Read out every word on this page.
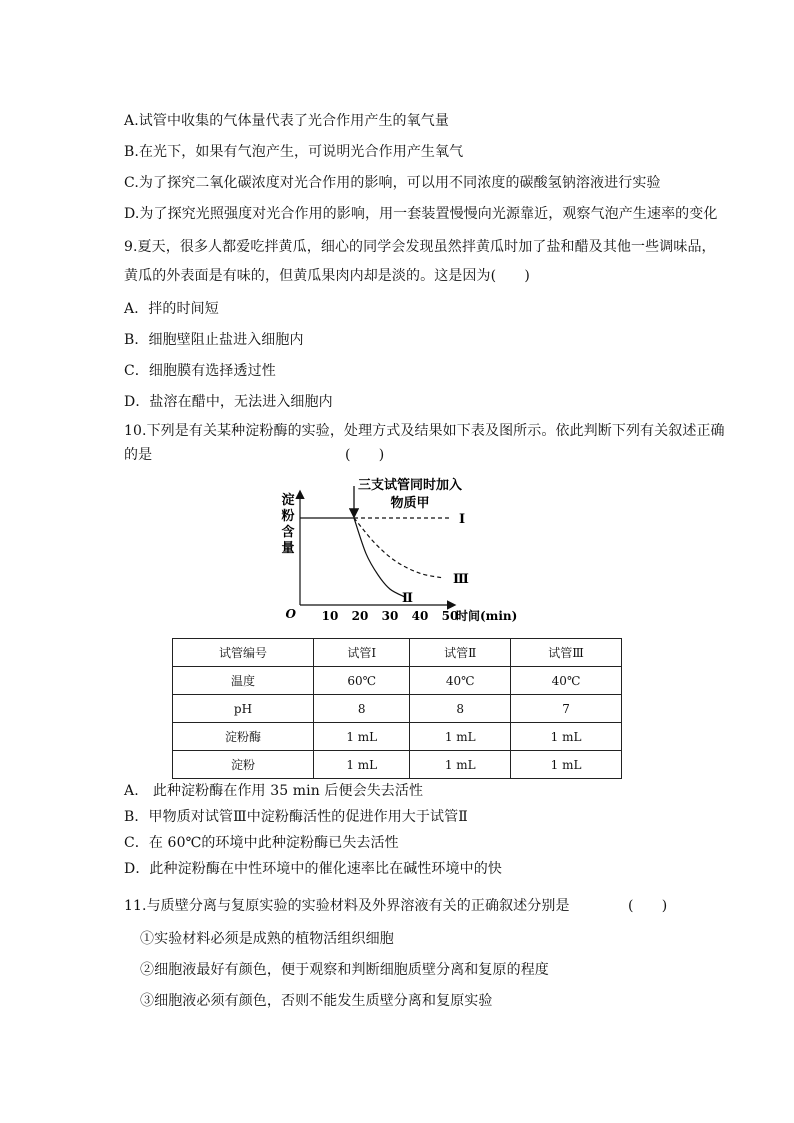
A.试管中收集的气体量代表了光合作用产生的氧气量
B.在光下，如果有气泡产生，可说明光合作用产生氧气
C.为了探究二氧化碳浓度对光合作用的影响，可以用不同浓度的碳酸氢钠溶液进行实验
D.为了探究光照强度对光合作用的影响，用一套装置慢慢向光源靠近，观察气泡产生速率的变化
9.夏天，很多人都爱吃拌黄瓜，细心的同学会发现虽然拌黄瓜时加了盐和醋及其他一些调味品，
黄瓜的外表面是有味的，但黄瓜果肉内却是淡的。这是因为(　　)
A．拌的时间短
B．细胞壁阻止盐进入细胞内
C．细胞膜有选择透过性
D．盐溶在醋中，无法进入细胞内
10.下列是有关某种淀粉酶的实验，处理方式及结果如下表及图所示。依此判断下列有关叙述正确
的是	(　　)
淀粉含量
O 10 20 30 40 50
时间(min)
三支试管同时加入
物质甲
Ⅰ
Ⅱ
Ⅲ
试管编号	试管Ⅰ	试管Ⅱ	试管Ⅲ
温度	60℃	40℃	40℃
pH	8	8	7
淀粉酶	1 mL	1 mL	1 mL
淀粉	1 mL	1 mL	1 mL
A.　此种淀粉酶在作用 35 min 后便会失去活性
B．甲物质对试管Ⅲ中淀粉酶活性的促进作用大于试管Ⅱ
C．在 60℃的环境中此种淀粉酶已失去活性
D．此种淀粉酶在中性环境中的催化速率比在碱性环境中的快
11.与质壁分离与复原实验的实验材料及外界溶液有关的正确叙述分别是	(　　)
①实验材料必须是成熟的植物活组织细胞
②细胞液最好有颜色，便于观察和判断细胞质壁分离和复原的程度
③细胞液必须有颜色，否则不能发生质壁分离和复原实验
